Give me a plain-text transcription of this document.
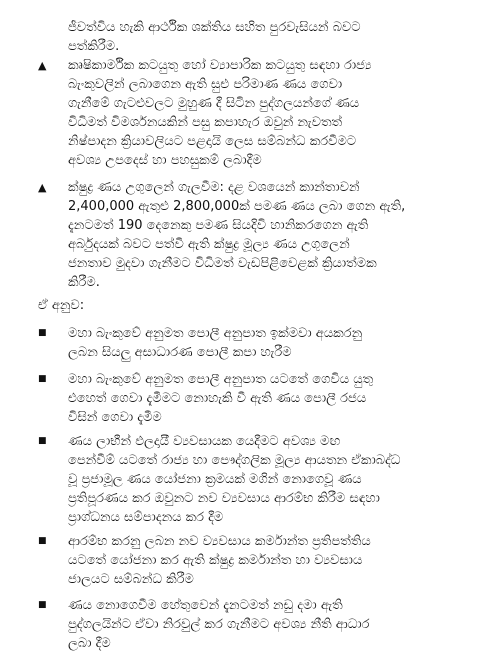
ජීවත්විය හැකි ආර්ථික ශක්තිය සහිත පුරවැසියන් බවට
පත්කිරීම.

▲ කෘෂිකාර්මික කටයුතු හෝ ව්‍යාපාරික කටයුතු සඳහා රාජ්‍ය
බැංකුවලින් ලබාගෙන ඇති සුළු පරිමාණ ණය ගෙවා
ගැනීමේ ගැටළුවලට මුහුණ දී සිටින පුද්ගලයන්ගේ ණය
විධිමත් විමර්ශනයකින් පසු කපාහැර ඔවුන් නැවතත්
නිෂ්පාදන ක්‍රියාවලියට පළදායි ලෙස සම්බන්ධ කරවීමට
අවශ්‍ය උපදෙස් හා පහසුකම් ලබාදීම

▲ ක්ෂුද්‍ර ණය උගුලෙන් ගැලවීම: දළ වශයෙන් කාන්තාවන්
2,400,000 ඇතුළු 2,800,000ක් පමණ ණය ලබා ගෙන ඇති,
දැනටමත් 190 දෙනෙකු පමණ සියදිවි හානිකරගෙන ඇති
අර්බුදයක් බවට පත්වී ඇති ක්ෂුද්‍ර මූල්‍ය ණය උගුලෙන්
ජනතාව මුදවා ගැනීමට විධිමත් වැඩපිළිවෙළක් ක්‍රියාත්මක
කිරීම.

ඒ අනුව:

■ මහා බැංකුවේ අනුමත පොලී අනුපාත ඉක්මවා අයකරනු
ලබන සියලු අසාධාරණ පොලී කපා හැරීම

■ මහා බැංකුවේ අනුමත පොලී අනුපාත යටතේ ගෙවිය යුතු
එහෙත් ගෙවා දැමීමට නොහැකි වී ඇති ණය පොලී රජය
විසින් ගෙවා දැමීම

■ ණය ලාභීන් ඵලදායී ව්‍යවසායක යෙදීමට අවශ්‍ය මඟ
පෙන්වීම් යටතේ රාජ්‍ය හා පෞද්ගලික මූල්‍ය ආයතන ඒකාබද්ධ
වූ ප්‍රජාමූල ණය යෝජනා ක්‍රමයක් මගින් නොගෙවූ ණය
ප්‍රතිපූරණය කර ඔවුනට නව ව්‍යවසාය ආරම්භ කිරීම සඳහා
ප්‍රාග්ධනය සම්පාදනය කර දීම

■ ආරම්භ කරනු ලබන නව ව්‍යවසාය කර්මාන්ත ප්‍රතිපත්තිය
යටතේ යෝජනා කර ඇති ක්ෂුද්‍ර කර්මාන්ත හා ව්‍යවසාය
ජාලයට සම්බන්ධ කිරීම

■ ණය නොගෙවීම හේතුවෙන් දැනටමත් නඩු දමා ඇති
පුද්ගලයින්ට ඒවා නිරවුල් කර ගැනීමට අවශ්‍ය නීති ආධාර
ලබා දීම
